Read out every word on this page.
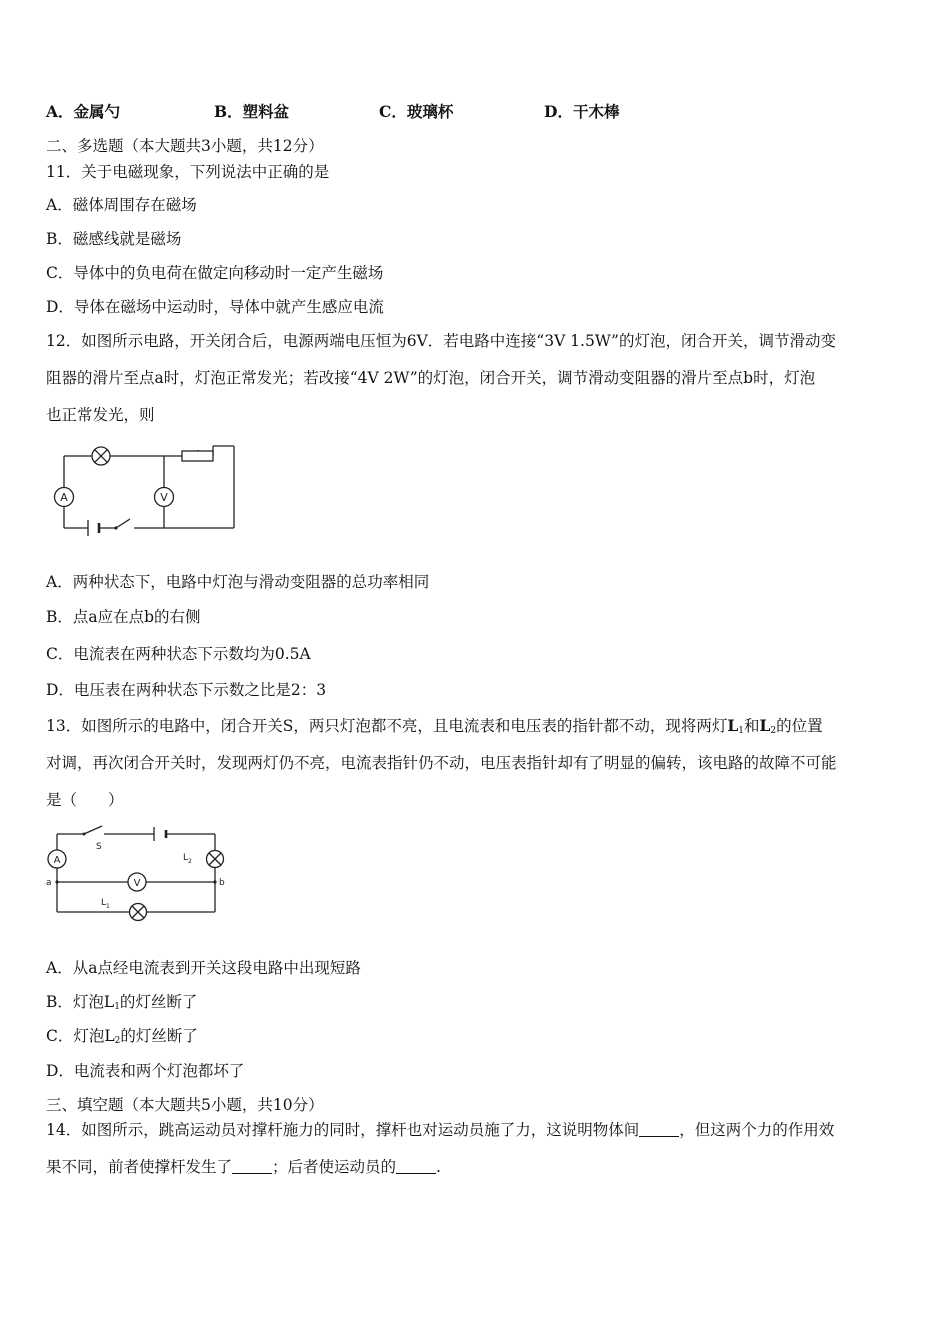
A．金属勺	B．塑料盆	C．玻璃杯	D．干木棒
二、多选题（本大题共3小题，共12分）
11．关于电磁现象，下列说法中正确的是
A．磁体周围存在磁场
B．磁感线就是磁场
C．导体中的负电荷在做定向移动时一定产生磁场
D．导体在磁场中运动时，导体中就产生感应电流
12．如图所示电路，开关闭合后，电源两端电压恒为6V．若电路中连接“3V 1.5W”的灯泡，闭合开关，调节滑动变
阻器的滑片至点a时，灯泡正常发光；若改接“4V 2W”的灯泡，闭合开关，调节滑动变阻器的滑片至点b时，灯泡
也正常发光，则
A	V
A．两种状态下，电路中灯泡与滑动变阻器的总功率相同
B．点a应在点b的右侧
C．电流表在两种状态下示数均为0.5A
D．电压表在两种状态下示数之比是2：3
13．如图所示的电路中，闭合开关S，两只灯泡都不亮，且电流表和电压表的指针都不动，现将两灯$L_1$和$L_2$的位置
对调，再次闭合开关时，发现两灯仍不亮，电流表指针仍不动，电压表指针却有了明显的偏转，该电路的故障不可能
是（　　）
S
A	$L_2$
V
a	b
$L_1$
A．从a点经电流表到开关这段电路中出现短路
B．灯泡$L_1$的灯丝断了
C．灯泡$L_2$的灯丝断了
D．电流表和两个灯泡都坏了
三、填空题（本大题共5小题，共10分）
14．如图所示，跳高运动员对撑杆施力的同时，撑杆也对运动员施了力，这说明物体间	，但这两个力的作用效
果不同，前者使撑杆发生了	；后者使运动员的	.
